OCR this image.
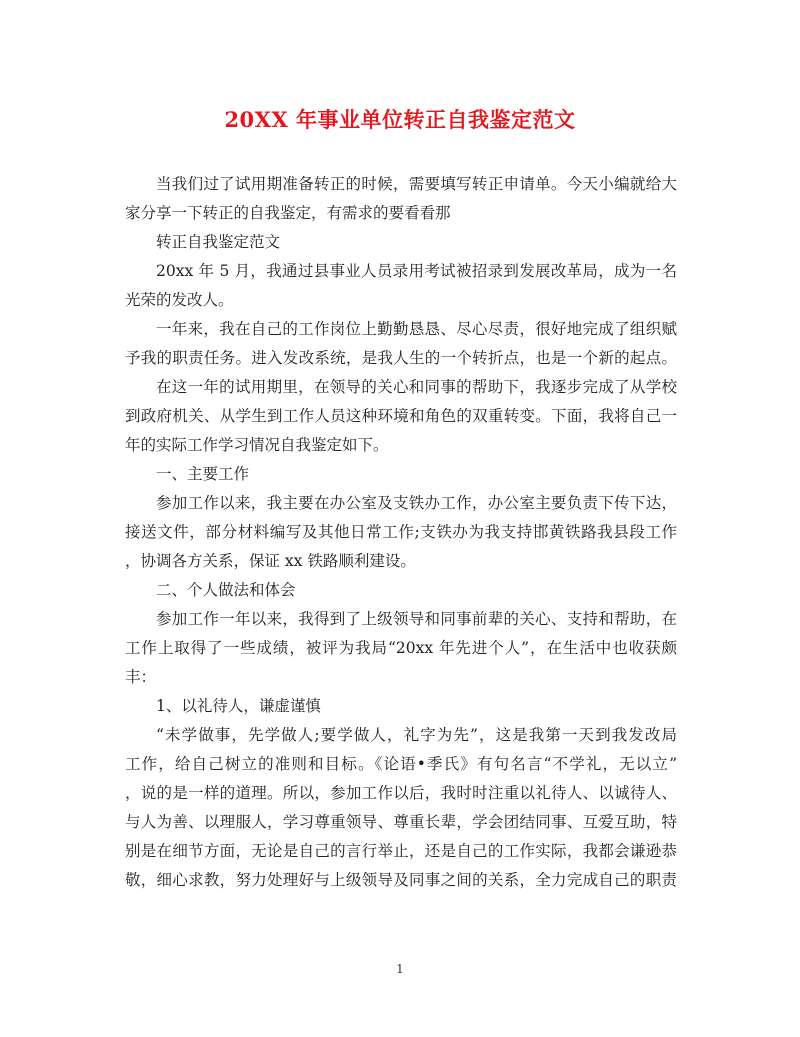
20XX 年事业单位转正自我鉴定范文
当我们过了试用期准备转正的时候，需要填写转正申请单。今天小编就给大
家分享一下转正的自我鉴定，有需求的要看看那
转正自我鉴定范文
20xx 年 5 月，我通过县事业人员录用考试被招录到发展改革局，成为一名
光荣的发改人。
一年来，我在自己的工作岗位上勤勤恳恳、尽心尽责，很好地完成了组织赋
予我的职责任务。进入发改系统，是我人生的一个转折点，也是一个新的起点。
在这一年的试用期里，在领导的关心和同事的帮助下，我逐步完成了从学校
到政府机关、从学生到工作人员这种环境和角色的双重转变。下面，我将自己一
年的实际工作学习情况自我鉴定如下。
一、主要工作
参加工作以来，我主要在办公室及支铁办工作，办公室主要负责下传下达，
接送文件，部分材料编写及其他日常工作;支铁办为我支持邯黄铁路我县段工作
，协调各方关系，保证 xx 铁路顺利建设。
二、个人做法和体会
参加工作一年以来，我得到了上级领导和同事前辈的关心、支持和帮助，在
工作上取得了一些成绩，被评为我局“20xx 年先进个人”，在生活中也收获颇
丰：
1、以礼待人，谦虚谨慎
“未学做事，先学做人;要学做人，礼字为先”，这是我第一天到我发改局
工作，给自己树立的准则和目标。《论语•季氏》有句名言“不学礼，无以立”
，说的是一样的道理。所以，参加工作以后，我时时注重以礼待人、以诚待人、
与人为善、以理服人，学习尊重领导、尊重长辈，学会团结同事、互爱互助，特
别是在细节方面，无论是自己的言行举止，还是自己的工作实际，我都会谦逊恭
敬，细心求教，努力处理好与上级领导及同事之间的关系，全力完成自己的职责
1
